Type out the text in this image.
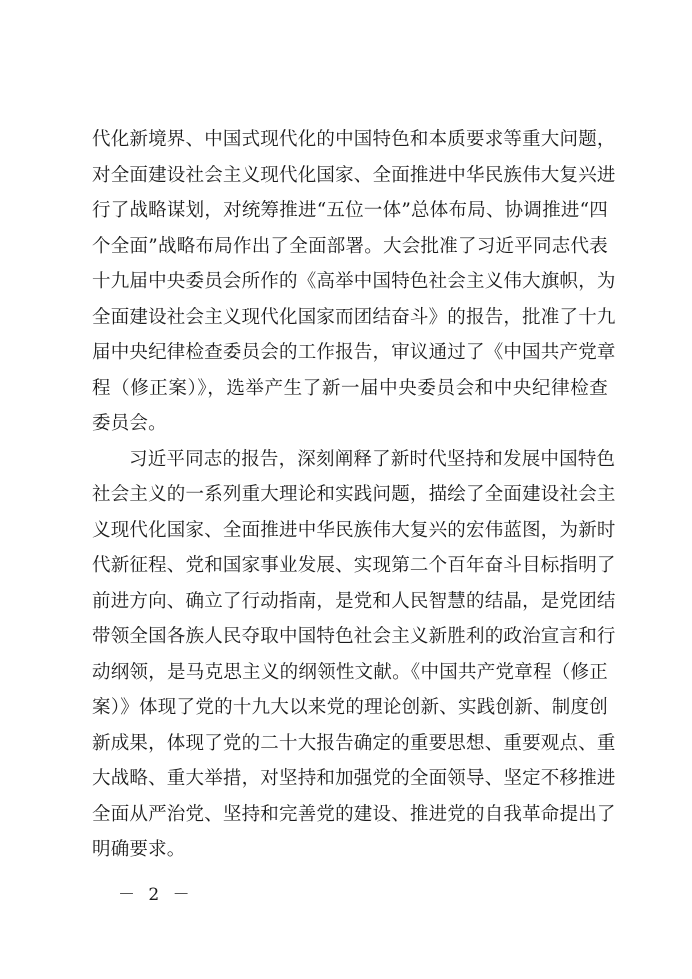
代化新境界、中国式现代化的中国特色和本质要求等重大问题，
对全面建设社会主义现代化国家、全面推进中华民族伟大复兴进
行了战略谋划，对统筹推进“五位一体”总体布局、协调推进“四
个全面”战略布局作出了全面部署。大会批准了习近平同志代表
十九届中央委员会所作的《高举中国特色社会主义伟大旗帜，为
全面建设社会主义现代化国家而团结奋斗》的报告，批准了十九
届中央纪律检查委员会的工作报告，审议通过了《中国共产党章
程（修正案）》，选举产生了新一届中央委员会和中央纪律检查
委员会。
习近平同志的报告，深刻阐释了新时代坚持和发展中国特色
社会主义的一系列重大理论和实践问题，描绘了全面建设社会主
义现代化国家、全面推进中华民族伟大复兴的宏伟蓝图，为新时
代新征程、党和国家事业发展、实现第二个百年奋斗目标指明了
前进方向、确立了行动指南，是党和人民智慧的结晶，是党团结
带领全国各族人民夺取中国特色社会主义新胜利的政治宣言和行
动纲领，是马克思主义的纲领性文献。《中国共产党章程（修正
案）》体现了党的十九大以来党的理论创新、实践创新、制度创
新成果，体现了党的二十大报告确定的重要思想、重要观点、重
大战略、重大举措，对坚持和加强党的全面领导、坚定不移推进
全面从严治党、坚持和完善党的建设、推进党的自我革命提出了
明确要求。
－ 2 －
